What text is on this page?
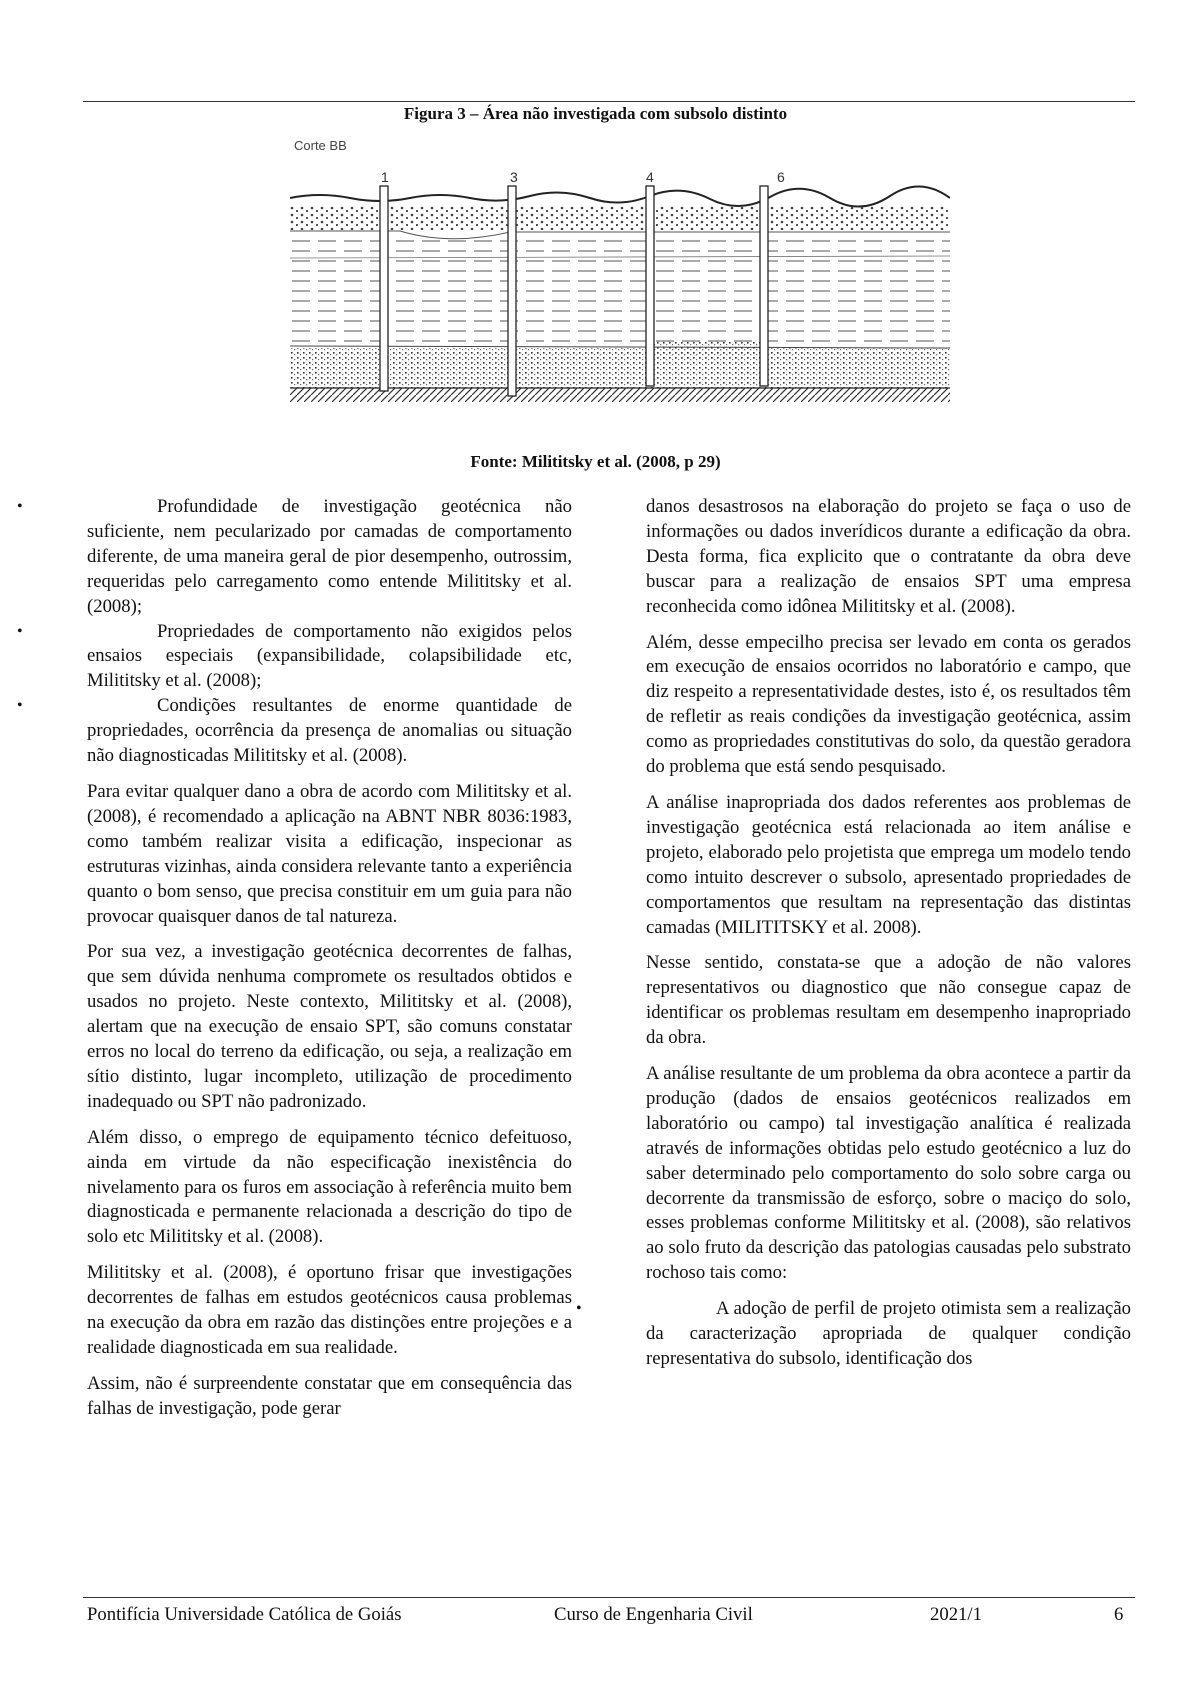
Figura 3 – Área não investigada com subsolo distinto
Corte BB
1	3	4	6
Fonte: Milititsky et al. (2008, p 29)
• Profundidade de investigação geotécnica não suficiente, nem pecularizado por camadas de comportamento diferente, de uma maneira geral de pior desempenho, outrossim, requeridas pelo carregamento como entende Milititsky et al. (2008);
• Propriedades de comportamento não exigidos pelos ensaios especiais (expansibilidade, colapsibilidade etc, Milititsky et al. (2008);
• Condições resultantes de enorme quantidade de propriedades, ocorrência da presença de anomalias ou situação não diagnosticadas Milititsky et al. (2008).

Para evitar qualquer dano a obra de acordo com Milititsky et al. (2008), é recomendado a aplicação na ABNT NBR 8036:1983, como também realizar visita a edificação, inspecionar as estruturas vizinhas, ainda considera relevante tanto a experiência quanto o bom senso, que precisa constituir em um guia para não provocar quaisquer danos de tal natureza.

Por sua vez, a investigação geotécnica decorrentes de falhas, que sem dúvida nenhuma compromete os resultados obtidos e usados no projeto. Neste contexto, Milititsky et al. (2008), alertam que na execução de ensaio SPT, são comuns constatar erros no local do terreno da edificação, ou seja, a realização em sítio distinto, lugar incompleto, utilização de procedimento inadequado ou SPT não padronizado.

Além disso, o emprego de equipamento técnico defeituoso, ainda em virtude da não especificação inexistência do nivelamento para os furos em associação à referência muito bem diagnosticada e permanente relacionada a descrição do tipo de solo etc Milititsky et al. (2008).

Milititsky et al. (2008), é oportuno frisar que investigações decorrentes de falhas em estudos geotécnicos causa problemas na execução da obra em razão das distinções entre projeções e a realidade diagnosticada em sua realidade.

Assim, não é surpreendente constatar que em consequência das falhas de investigação, pode gerar

danos desastrosos na elaboração do projeto se faça o uso de informações ou dados inverídicos durante a edificação da obra. Desta forma, fica explicito que o contratante da obra deve buscar para a realização de ensaios SPT uma empresa reconhecida como idônea Milititsky et al. (2008).

Além, desse empecilho precisa ser levado em conta os gerados em execução de ensaios ocorridos no laboratório e campo, que diz respeito a representatividade destes, isto é, os resultados têm de refletir as reais condições da investigação geotécnica, assim como as propriedades constitutivas do solo, da questão geradora do problema que está sendo pesquisado.

A análise inapropriada dos dados referentes aos problemas de investigação geotécnica está relacionada ao item análise e projeto, elaborado pelo projetista que emprega um modelo tendo como intuito descrever o subsolo, apresentado propriedades de comportamentos que resultam na representação das distintas camadas (MILITITSKY et al. 2008).

Nesse sentido, constata-se que a adoção de não valores representativos ou diagnostico que não consegue capaz de identificar os problemas resultam em desempenho inapropriado da obra.

A análise resultante de um problema da obra acontece a partir da produção (dados de ensaios geotécnicos realizados em laboratório ou campo) tal investigação analítica é realizada através de informações obtidas pelo estudo geotécnico a luz do saber determinado pelo comportamento do solo sobre carga ou decorrente da transmissão de esforço, sobre o maciço do solo, esses problemas conforme Milititsky et al. (2008), são relativos ao solo fruto da descrição das patologias causadas pelo substrato rochoso tais como:

• A adoção de perfil de projeto otimista sem a realização da caracterização apropriada de qualquer condição representativa do subsolo, identificação dos
Pontifícia Universidade Católica de Goiás	Curso de Engenharia Civil	2021/1	6
